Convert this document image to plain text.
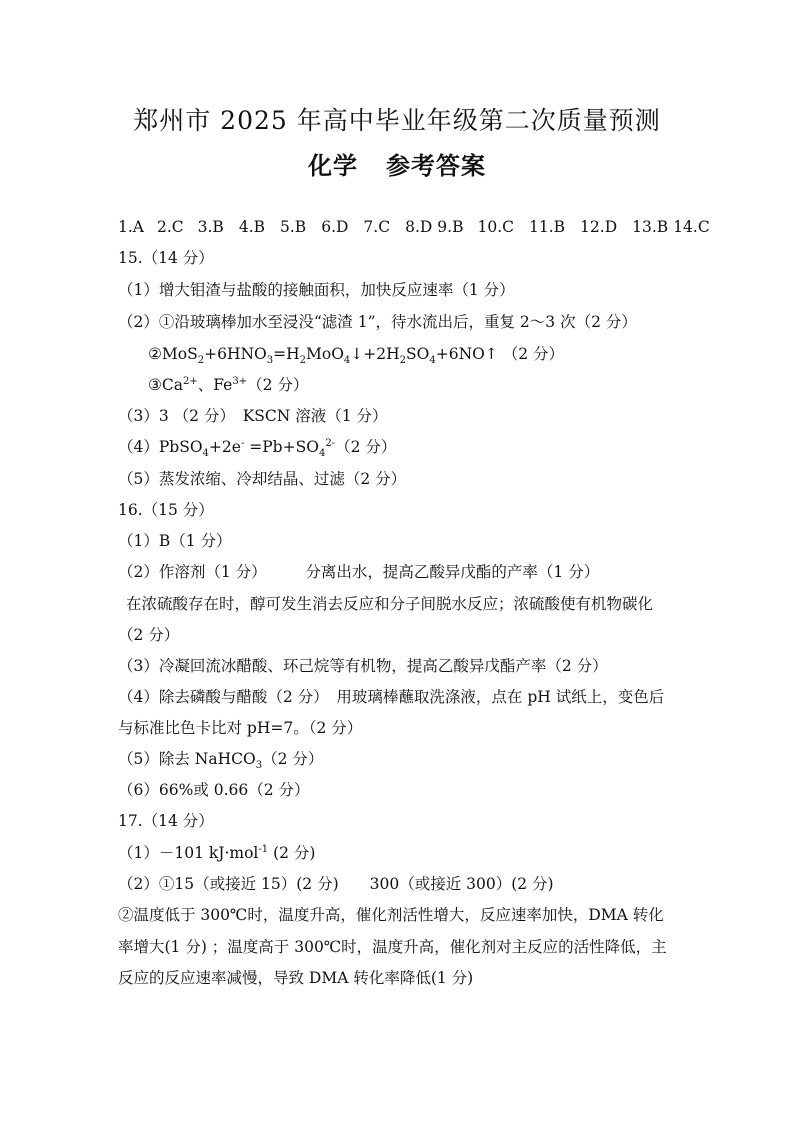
郑州市 2025 年高中毕业年级第二次质量预测
化学 参考答案
1.A 2.C 3.B 4.B 5.B 6.D 7.C 8.D 9.B 10.C 11.B 12.D 13.B 14.C
15.（14 分）
（1）增大钼渣与盐酸的接触面积，加快反应速率（1 分）
（2）①沿玻璃棒加水至浸没“滤渣 1”，待水流出后，重复 2～3 次（2 分）
$②MoS_2+6HNO_3=H_2MoO_4↓+2H_2SO_4+6NO↑$ （2 分）
$③Ca^{2+}$、$Fe^{3+}(2$ 分）
（3）3 （2 分）　KSCN 溶液（1 分）
（4）PbSO$_4$+2e- $=Pb+SO_4^{2-}(2$ 分）
（5）蒸发浓缩、冷却结晶、过滤（2 分）
16.（15 分）
（1）B（1 分）
（2）作溶剂（1 分）　　　分离出水，提高乙酸异戊酯的产率（1 分）
在浓硫酸存在时，醇可发生消去反应和分子间脱水反应；浓硫酸使有机物碳化
（2 分）
（3）冷凝回流冰醋酸、环己烷等有机物，提高乙酸异戊酯产率（2 分）
（4）除去磷酸与醋酸（2 分）　用玻璃棒蘸取洗涤液，点在 pH 试纸上，变色后
与标准比色卡比对 pH=7。（2 分）
（5）除去 NaHCO$_3$（2 分）
（6）66%或 0.66（2 分）
17.（14 分）
（1）－101 kJ·mol$^{-1}$ (2 分)
（2）①15（或接近 15）(2 分)　　300（或接近 300）(2 分)
②温度低于 300℃时，温度升高，催化剂活性增大，反应速率加快，DMA 转化
率增大(1 分) ；温度高于 300℃时，温度升高，催化剂对主反应的活性降低，主
反应的反应速率减慢，导致 DMA 转化率降低(1 分)
